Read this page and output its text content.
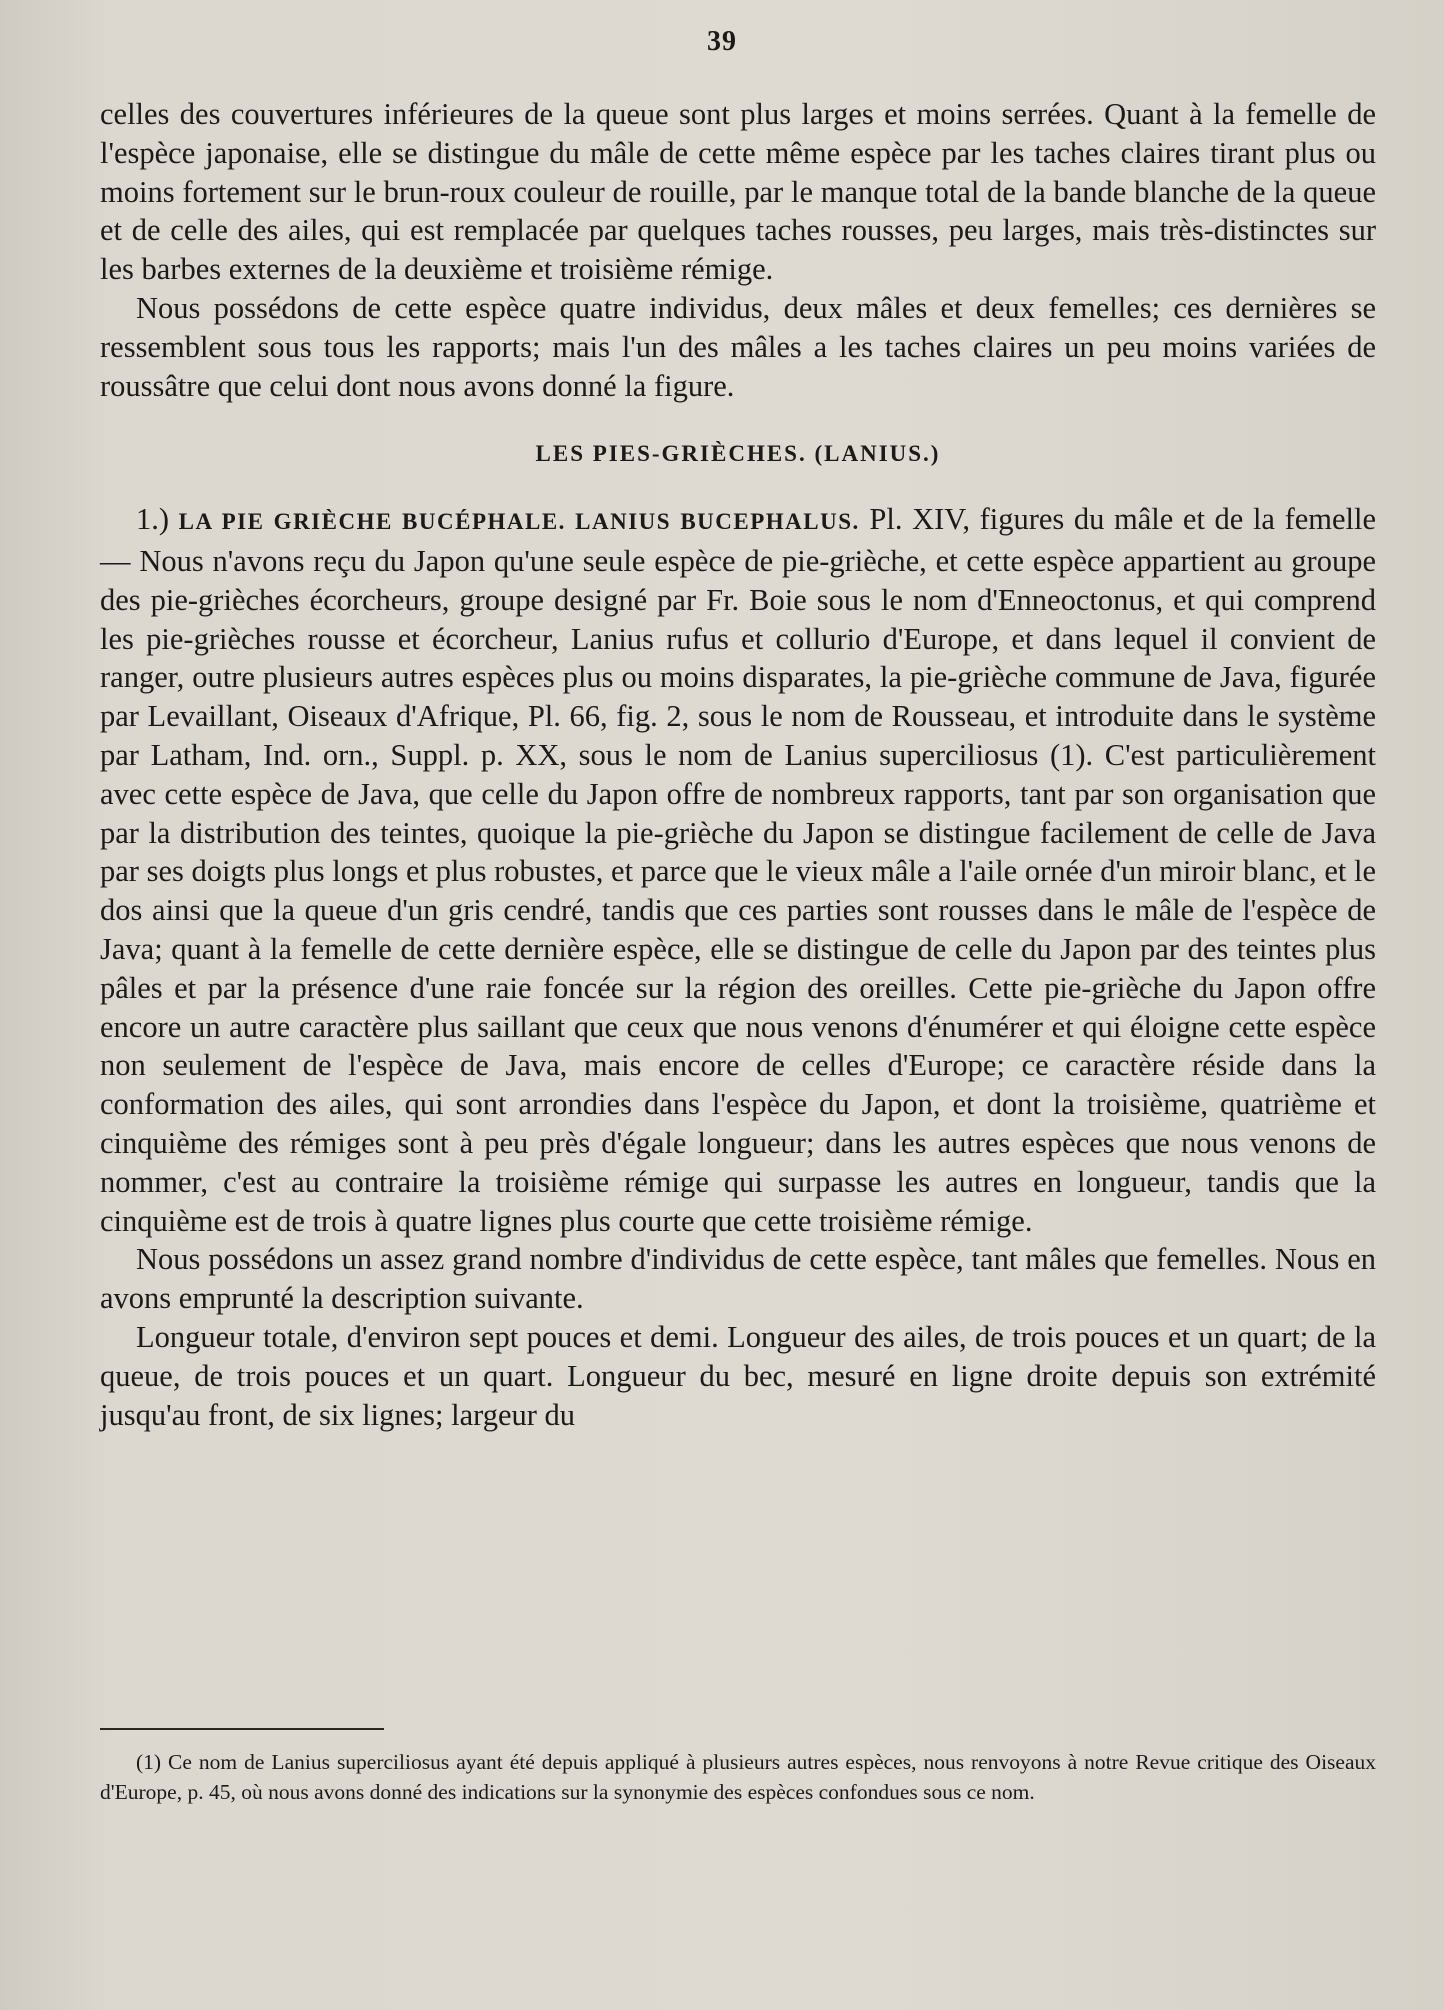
39

celles des couvertures inférieures de la queue sont plus larges et moins serrées. Quant à la femelle de l'espèce japonaise, elle se distingue du mâle de cette même espèce par les taches claires tirant plus ou moins fortement sur le brun-roux couleur de rouille, par le manque total de la bande blanche de la queue et de celle des ailes, qui est remplacée par quelques taches rousses, peu larges, mais très-distinctes sur les barbes externes de la deuxième et troisième rémige.

Nous possédons de cette espèce quatre individus, deux mâles et deux femelles; ces dernières se ressemblent sous tous les rapports; mais l'un des mâles a les taches claires un peu moins variées de roussâtre que celui dont nous avons donné la figure.

LES PIES-GRIÈCHES. (LANIUS.)

1.) LA PIE GRIÈCHE BUCÉPHALE. LANIUS BUCEPHALUS. Pl. XIV, figures du mâle et de la femelle — Nous n'avons reçu du Japon qu'une seule espèce de pie-grièche, et cette espèce appartient au groupe des pie-grièches écorcheurs, groupe designé par Fr. Boie sous le nom d'Enneoctonus, et qui comprend les pie-grièches rousse et écorcheur, Lanius rufus et collurio d'Europe, et dans lequel il convient de ranger, outre plusieurs autres espèces plus ou moins disparates, la pie-grièche commune de Java, figurée par Levaillant, Oiseaux d'Afrique, Pl. 66, fig. 2, sous le nom de Rousseau, et introduite dans le système par Latham, Ind. orn., Suppl. p. XX, sous le nom de Lanius superciliosus (1). C'est particulièrement avec cette espèce de Java, que celle du Japon offre de nombreux rapports, tant par son organisation que par la distribution des teintes, quoique la pie-grièche du Japon se distingue facilement de celle de Java par ses doigts plus longs et plus robustes, et parce que le vieux mâle a l'aile ornée d'un miroir blanc, et le dos ainsi que la queue d'un gris cendré, tandis que ces parties sont rousses dans le mâle de l'espèce de Java; quant à la femelle de cette dernière espèce, elle se distingue de celle du Japon par des teintes plus pâles et par la présence d'une raie foncée sur la région des oreilles. Cette pie-grièche du Japon offre encore un autre caractère plus saillant que ceux que nous venons d'énumérer et qui éloigne cette espèce non seulement de l'espèce de Java, mais encore de celles d'Europe; ce caractère réside dans la conformation des ailes, qui sont arrondies dans l'espèce du Japon, et dont la troisième, quatrième et cinquième des rémiges sont à peu près d'égale longueur; dans les autres espèces que nous venons de nommer, c'est au contraire la troisième rémige qui surpasse les autres en longueur, tandis que la cinquième est de trois à quatre lignes plus courte que cette troisième rémige.

Nous possédons un assez grand nombre d'individus de cette espèce, tant mâles que femelles. Nous en avons emprunté la description suivante.

Longueur totale, d'environ sept pouces et demi. Longueur des ailes, de trois pouces et un quart; de la queue, de trois pouces et un quart. Longueur du bec, mesuré en ligne droite depuis son extrémité jusqu'au front, de six lignes; largeur du

(1) Ce nom de Lanius superciliosus ayant été depuis appliqué à plusieurs autres espèces, nous renvoyons à notre Revue critique des Oiseaux d'Europe, p. 45, où nous avons donné des indications sur la synonymie des espèces confondues sous ce nom.
